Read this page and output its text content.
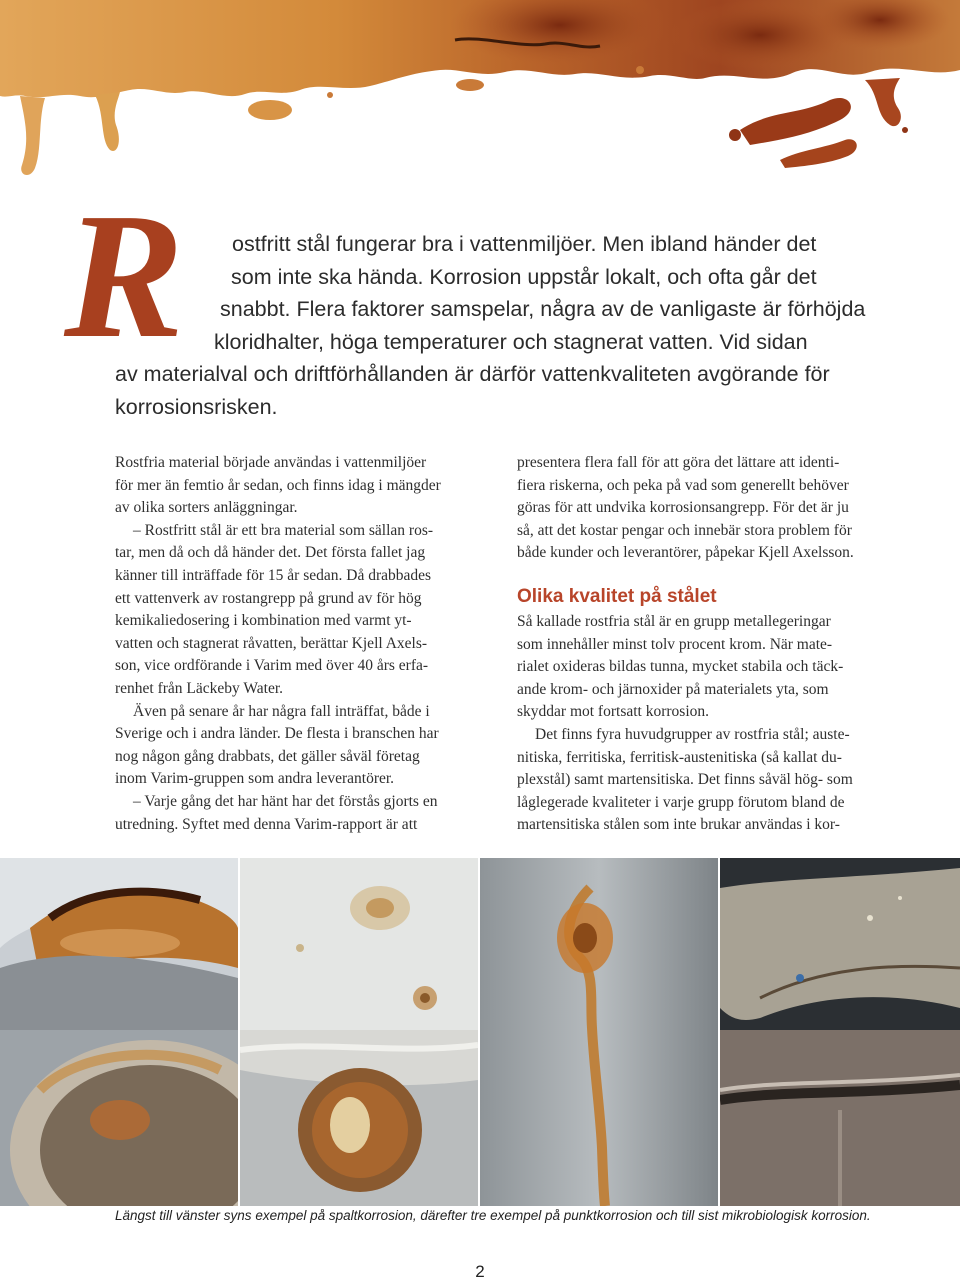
R	ostfritt stål fungerar bra i vattenmiljöer. Men ibland händer det
som inte ska hända. Korrosion uppstår lokalt, och ofta går det
snabbt. Flera faktorer samspelar, några av de vanligaste är förhöjda
kloridhalter, höga temperaturer och stagnerat vatten. Vid sidan
av materialval och driftförhållanden är därför vattenkvaliteten avgörande för
korrosionsrisken.

Rostfria material började användas i vattenmiljöer
för mer än femtio år sedan, och finns idag i mängder
av olika sorters anläggningar.

– Rostfritt stål är ett bra material som sällan ros-
tar, men då och då händer det. Det första fallet jag
känner till inträffade för 15 år sedan. Då drabbades
ett vattenverk av rostangrepp på grund av för hög
kemikaliedosering i kombination med varmt yt-
vatten och stagnerat råvatten, berättar Kjell Axels-
son, vice ordförande i Varim med över 40 års erfa-
renhet från Läckeby Water.

Även på senare år har några fall inträffat, både i
Sverige och i andra länder. De flesta i branschen har
nog någon gång drabbats, det gäller såväl företag
inom Varim-gruppen som andra leverantörer.

– Varje gång det har hänt har det förstås gjorts en
utredning. Syftet med denna Varim-rapport är att

presentera flera fall för att göra det lättare att identi-
fiera riskerna, och peka på vad som generellt behöver
göras för att undvika korrosionsangrepp. För det är ju
så, att det kostar pengar och innebär stora problem för
både kunder och leverantörer, påpekar Kjell Axelsson.

Olika kvalitet på stålet

Så kallade rostfria stål är en grupp metallegeringar
som innehåller minst tolv procent krom. När mate-
rialet oxideras bildas tunna, mycket stabila och täck-
ande krom- och järnoxider på materialets yta, som
skyddar mot fortsatt korrosion.

Det finns fyra huvudgrupper av rostfria stål; auste-
nitiska, ferritiska, ferritisk-austenitiska (så kallat du-
plexstål) samt martensitiska. Det finns såväl hög- som
låglegerade kvaliteter i varje grupp förutom bland de
martensitiska stålen som inte brukar användas i kor-

Längst till vänster syns exempel på spaltkorrosion, därefter tre exempel på punktkorrosion och till sist mikrobiologisk korrosion.
2
